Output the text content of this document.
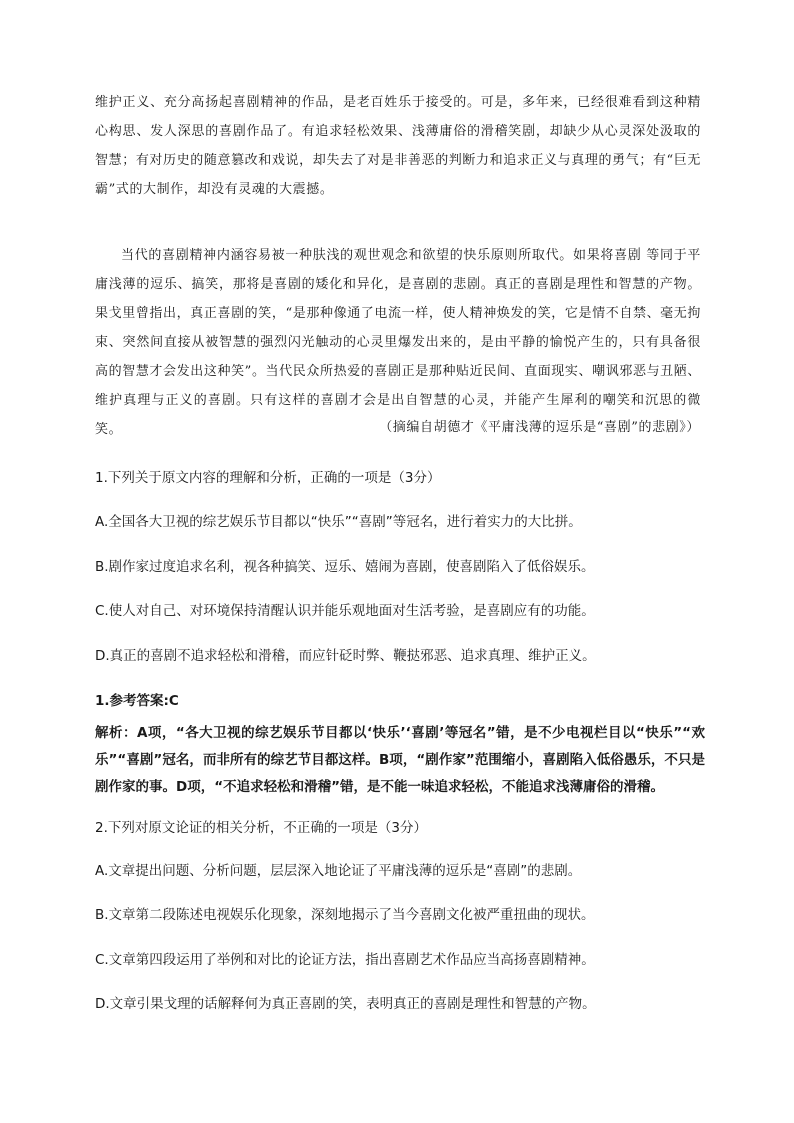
维护正义、充分高扬起喜剧精神的作品，是老百姓乐于接受的。可是，多年来，已经很难看到这种精心构思、发人深思的喜剧作品了。有追求轻松效果、浅薄庸俗的滑稽笑剧，却缺少从心灵深处汲取的智慧；有对历史的随意篡改和戏说，却失去了对是非善恶的判断力和追求正义与真理的勇气；有“巨无霸”式的大制作，却没有灵魂的大震撼。

当代的喜剧精神内涵容易被一种肤浅的观世观念和欲望的快乐原则所取代。如果将喜剧 等同于平庸浅薄的逗乐、搞笑，那将是喜剧的矮化和异化，是喜剧的悲剧。真正的喜剧是理性和智慧的产物。果戈里曾指出，真正喜剧的笑，“是那种像通了电流一样，使人精神焕发的笑，它是情不自禁、毫无拘束、突然间直接从被智慧的强烈闪光触动的心灵里爆发出来的，是由平静的愉悦产生的，只有具备很高的智慧才会发出这种笑”。当代民众所热爱的喜剧正是那种贴近民间、直面现实、嘲讽邪恶与丑陋、维护真理与正义的喜剧。只有这样的喜剧才会是出自智慧的心灵，并能产生犀利的嘲笑和沉思的微笑。	（摘编自胡德才《平庸浅薄的逗乐是“喜剧”的悲剧》）
1.下列关于原文内容的理解和分析，正确的一项是（3分）
A.全国各大卫视的综艺娱乐节目都以“快乐”“喜剧”等冠名，进行着实力的大比拼。
B.剧作家过度追求名利，视各种搞笑、逗乐、嬉闹为喜剧，使喜剧陷入了低俗娱乐。
C.使人对自己、对环境保持清醒认识并能乐观地面对生活考验，是喜剧应有的功能。
D.真正的喜剧不追求轻松和滑稽，而应针砭时弊、鞭挞邪恶、追求真理、维护正义。
1.参考答案:C

解析：A项，“各大卫视的综艺娱乐节目都以‘快乐’‘喜剧’等冠名”错，是不少电视栏目以“快乐”“欢乐”“喜剧”冠名，而非所有的综艺节目都这样。B项，“剧作家”范围缩小，喜剧陷入低俗愚乐，不只是剧作家的事。D项，“不追求轻松和滑稽”错，是不能一味追求轻松，不能追求浅薄庸俗的滑稽。

2.下列对原文论证的相关分析，不正确的一项是（3分）
A.文章提出问题、分析问题，层层深入地论证了平庸浅薄的逗乐是“喜剧”的悲剧。
B.文章第二段陈述电视娱乐化现象，深刻地揭示了当今喜剧文化被严重扭曲的现状。
C.文章第四段运用了举例和对比的论证方法，指出喜剧艺术作品应当高扬喜剧精神。
D.文章引果戈理的话解释何为真正喜剧的笑，表明真正的喜剧是理性和智慧的产物。
